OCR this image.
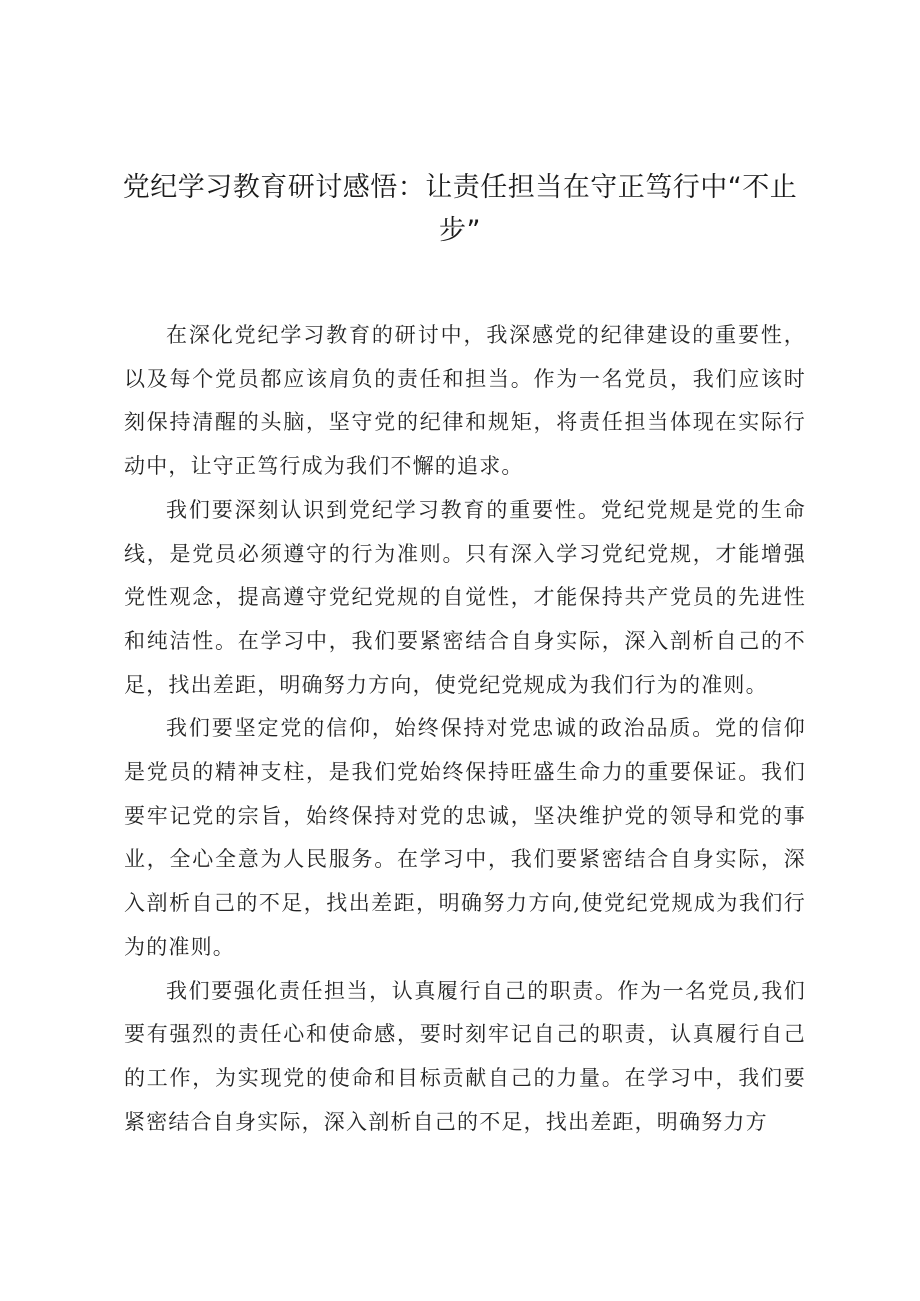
党纪学习教育研讨感悟：让责任担当在守正笃行中“不止步”

在深化党纪学习教育的研讨中，我深感党的纪律建设的重要性，以及每个党员都应该肩负的责任和担当。作为一名党员，我们应该时刻保持清醒的头脑，坚守党的纪律和规矩，将责任担当体现在实际行动中，让守正笃行成为我们不懈的追求。

我们要深刻认识到党纪学习教育的重要性。党纪党规是党的生命线，是党员必须遵守的行为准则。只有深入学习党纪党规，才能增强党性观念，提高遵守党纪党规的自觉性，才能保持共产党员的先进性和纯洁性。在学习中，我们要紧密结合自身实际，深入剖析自己的不足，找出差距，明确努力方向，使党纪党规成为我们行为的准则。

我们要坚定党的信仰，始终保持对党忠诚的政治品质。党的信仰是党员的精神支柱，是我们党始终保持旺盛生命力的重要保证。我们要牢记党的宗旨，始终保持对党的忠诚，坚决维护党的领导和党的事业，全心全意为人民服务。在学习中，我们要紧密结合自身实际，深入剖析自己的不足，找出差距，明确努力方向,使党纪党规成为我们行为的准则。

我们要强化责任担当，认真履行自己的职责。作为一名党员,我们要有强烈的责任心和使命感，要时刻牢记自己的职责，认真履行自己的工作，为实现党的使命和目标贡献自己的力量。在学习中，我们要紧密结合自身实际，深入剖析自己的不足，找出差距，明确努力方
